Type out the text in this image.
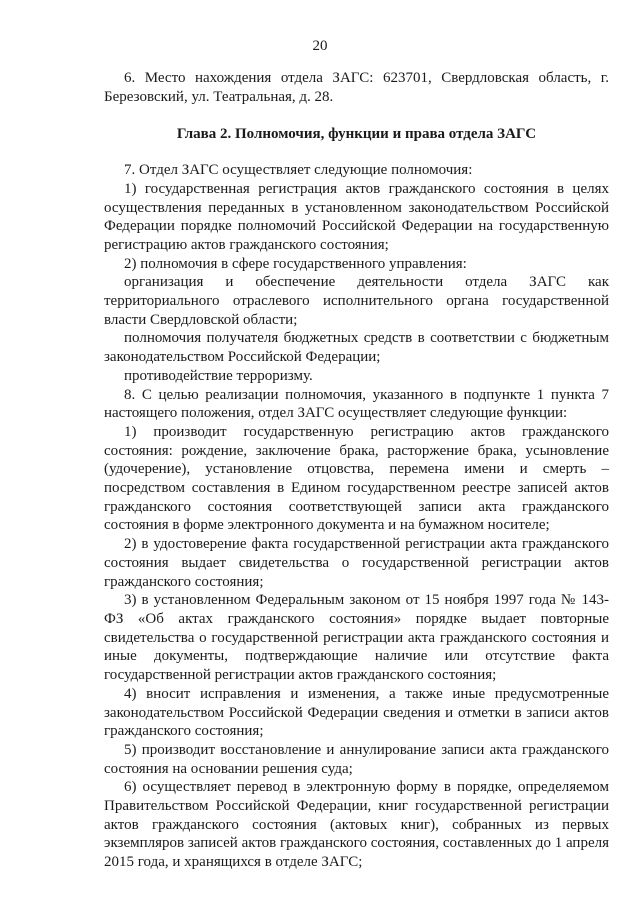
20

6. Место нахождения отдела ЗАГС: 623701, Свердловская область, г. Березовский, ул. Театральная, д. 28.

Глава 2. Полномочия, функции и права отдела ЗАГС

7. Отдел ЗАГС осуществляет следующие полномочия:

1) государственная регистрация актов гражданского состояния в целях осуществления переданных в установленном законодательством Российской Федерации порядке полномочий Российской Федерации на государственную регистрацию актов гражданского состояния;

2) полномочия в сфере государственного управления:

организация и обеспечение деятельности отдела ЗАГС как территориального отраслевого исполнительного органа государственной власти Свердловской области;

полномочия получателя бюджетных средств в соответствии с бюджетным законодательством Российской Федерации;

противодействие терроризму.

8. С целью реализации полномочия, указанного в подпункте 1 пункта 7 настоящего положения, отдел ЗАГС осуществляет следующие функции:

1) производит государственную регистрацию актов гражданского состояния: рождение, заключение брака, расторжение брака, усыновление (удочерение), установление отцовства, перемена имени и смерть – посредством составления в Едином государственном реестре записей актов гражданского состояния соответствующей записи акта гражданского состояния в форме электронного документа и на бумажном носителе;

2) в удостоверение факта государственной регистрации акта гражданского состояния выдает свидетельства о государственной регистрации актов гражданского состояния;

3) в установленном Федеральным законом от 15 ноября 1997 года № 143-ФЗ «Об актах гражданского состояния» порядке выдает повторные свидетельства о государственной регистрации акта гражданского состояния и иные документы, подтверждающие наличие или отсутствие факта государственной регистрации актов гражданского состояния;

4) вносит исправления и изменения, а также иные предусмотренные законодательством Российской Федерации сведения и отметки в записи актов гражданского состояния;

5) производит восстановление и аннулирование записи акта гражданского состояния на основании решения суда;

6) осуществляет перевод в электронную форму в порядке, определяемом Правительством Российской Федерации, книг государственной регистрации актов гражданского состояния (актовых книг), собранных из первых экземпляров записей актов гражданского состояния, составленных до 1 апреля 2015 года, и хранящихся в отделе ЗАГС;
